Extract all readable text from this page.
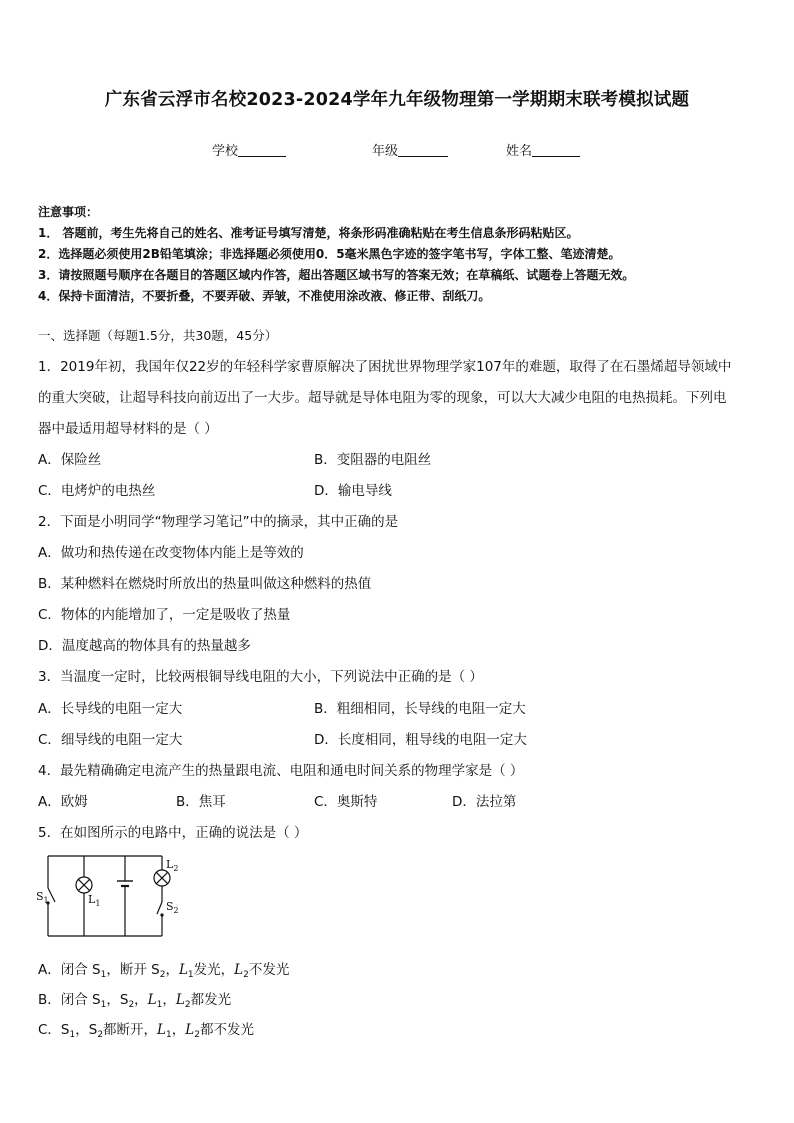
广东省云浮市名校2023-2024学年九年级物理第一学期期末联考模拟试题
学校	年级	姓名
注意事项：
1． 答题前，考生先将自己的姓名、准考证号填写清楚，将条形码准确粘贴在考生信息条形码粘贴区。
2．选择题必须使用2B铅笔填涂；非选择题必须使用0．5毫米黑色字迹的签字笔书写，字体工整、笔迹清楚。
3．请按照题号顺序在各题目的答题区域内作答，超出答题区域书写的答案无效；在草稿纸、试题卷上答题无效。
4．保持卡面清洁，不要折叠，不要弄破、弄皱，不准使用涂改液、修正带、刮纸刀。
一、选择题（每题1.5分，共30题，45分）
1．2019年初，我国年仅22岁的年轻科学家曹原解决了困扰世界物理学家107年的难题，取得了在石墨烯超导领域中
的重大突破，让超导科技向前迈出了一大步。超导就是导体电阻为零的现象，可以大大减少电阻的电热损耗。下列电
器中最适用超导材料的是（ ）
A．保险丝	B．变阻器的电阻丝
C．电烤炉的电热丝	D．输电导线
2．下面是小明同学“物理学习笔记”中的摘录，其中正确的是
A．做功和热传递在改变物体内能上是等效的
B．某种燃料在燃烧时所放出的热量叫做这种燃料的热值
C．物体的内能增加了，一定是吸收了热量
D．温度越高的物体具有的热量越多
3．当温度一定时，比较两根铜导线电阻的大小，下列说法中正确的是（ ）
A．长导线的电阻一定大	B．粗细相同，长导线的电阻一定大
C．细导线的电阻一定大	D．长度相同，粗导线的电阻一定大
4．最先精确确定电流产生的热量跟电流、电阻和通电时间关系的物理学家是（ ）
A．欧姆	B．焦耳	C．奥斯特	D．法拉第
5．在如图所示的电路中，正确的说法是（ ）
$S_1$	$L_1$
$L_2$
$S_2$
A．闭合 $S_1$，断开 $S_2$，$L_1$发光，$L_2$不发光
B．闭合 $S_1$，$S_2$，$L_1$，$L_2$都发光
C．$S_1$，$S_2$都断开，$L_1$，$L_2$都不发光
